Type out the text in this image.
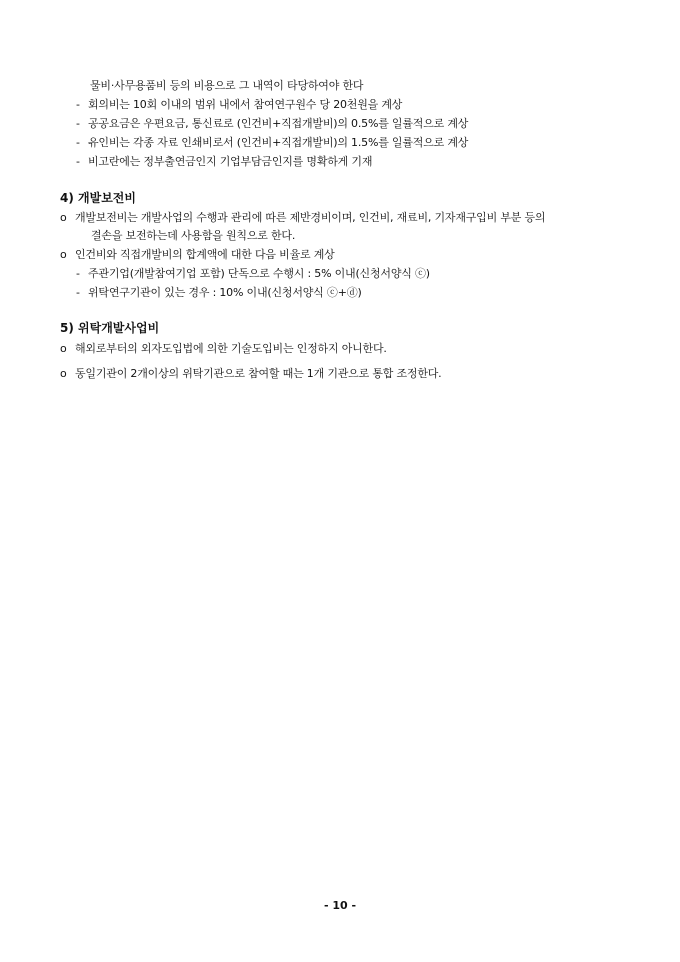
물비·사무용품비 등의 비용으로 그 내역이 타당하여야 한다
- 회의비는 10회 이내의 범위 내에서 참여연구원수 당 20천원을 계상
- 공공요금은 우편요금, 통신료로 (인건비+직접개발비)의 0.5%를 일률적으로 계상
- 유인비는 각종 자료 인쇄비로서 (인건비+직접개발비)의 1.5%를 일률적으로 계상
- 비고란에는 정부출연금인지 기업부담금인지를 명확하게 기재
4) 개발보전비
ο 개발보전비는 개발사업의 수행과 관리에 따른 제반경비이며, 인건비, 재료비, 기자재구입비 부분 등의
결손을 보전하는데 사용함을 원칙으로 한다.
ο 인건비와 직접개발비의 합계액에 대한 다음 비율로 계상
- 주관기업(개발참여기업 포함) 단독으로 수행시 : 5% 이내(신청서양식 ⓒ)
- 위탁연구기관이 있는 경우 : 10% 이내(신청서양식 ⓒ+ⓓ)
5) 위탁개발사업비
ο 해외로부터의 외자도입법에 의한 기술도입비는 인정하지 아니한다.
ο 동일기관이 2개이상의 위탁기관으로 참여할 때는 1개 기관으로 통합 조정한다.
- 10 -
